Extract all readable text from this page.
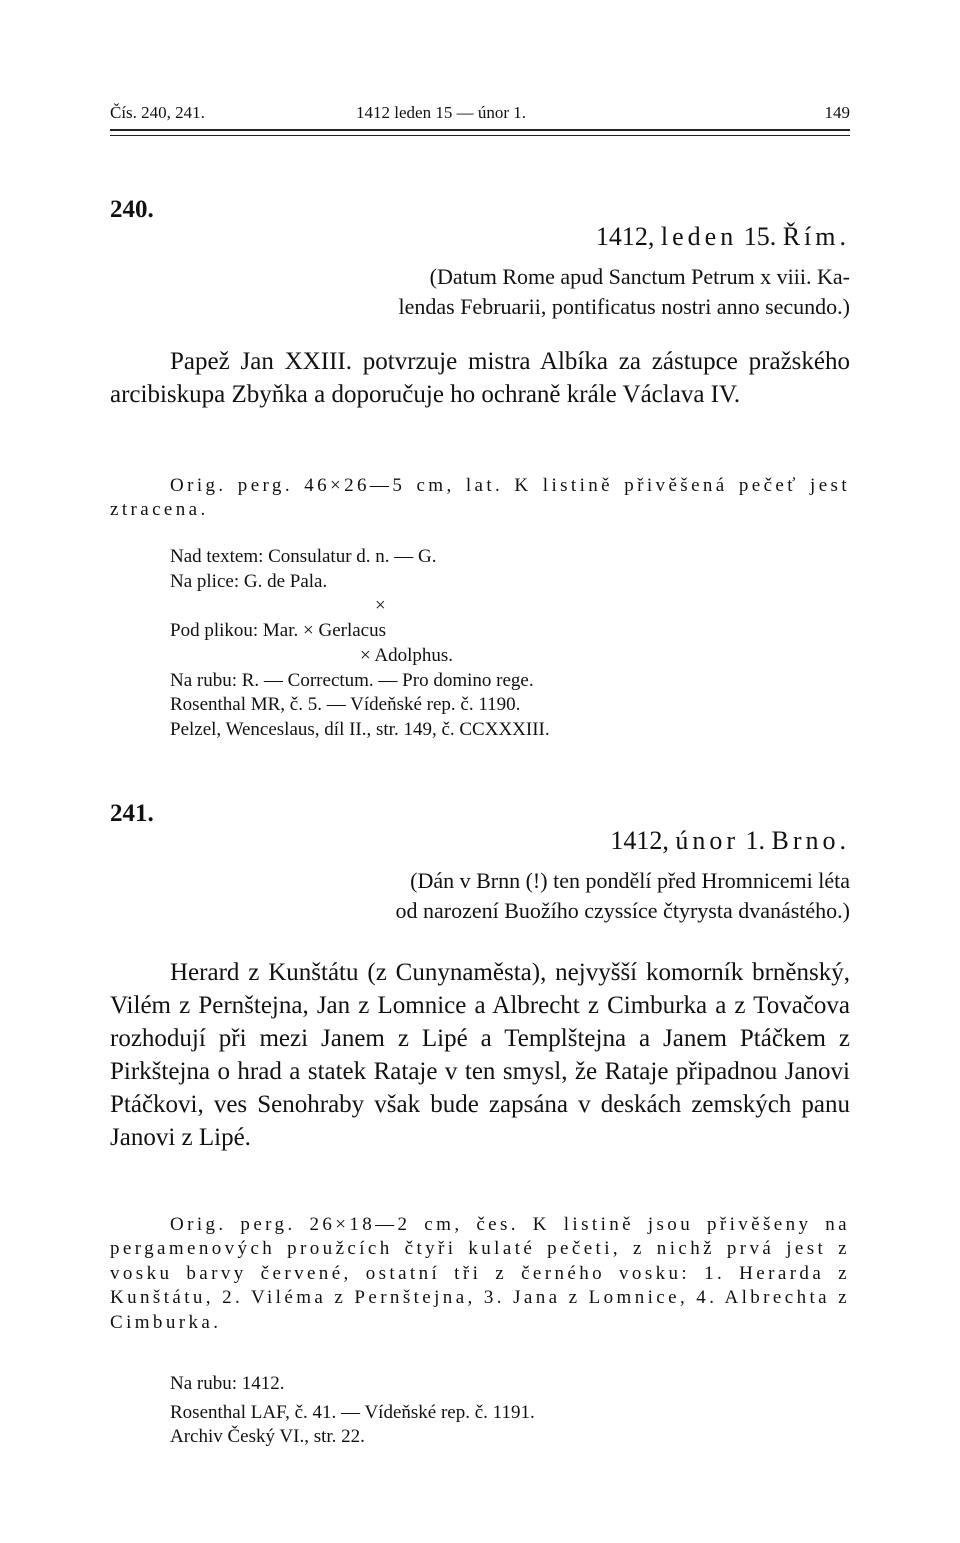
Čís. 240, 241.	1412 leden 15 — únor 1.	149
240.
1412, leden 15. Řím.
(Datum Rome apud Sanctum Petrum x viii. Ka-
lendas Februarii, pontificatus nostri anno secundo.)
Papež Jan XXIII. potvrzuje mistra Albíka za zástupce pražského arcibiskupa Zbyňka a doporučuje ho ochraně krále Václava IV.
Orig. perg. 46×26—5 cm, lat. K listině přivěšená pečeť jest ztracena.
Nad textem: Consulatur d. n. — G.
Na plice: G. de Pala.
×
Pod plikou: Mar. × Gerlacus
× Adolphus.
Na rubu: R. — Correctum. — Pro domino rege.
Rosenthal MR, č. 5. — Vídeňské rep. č. 1190.
Pelzel, Wenceslaus, díl II., str. 149, č. CCXXXIII.
241.
1412, únor 1. Brno.
(Dán v Brnn (!) ten pondělí před Hromnicemi léta
od narození Buožího czyssíce čtyrysta dvanástého.)
Herard z Kunštátu (z Cunynaměsta), nejvyšší komorník brněnský, Vilém z Pernštejna, Jan z Lomnice a Albrecht z Cimburka a z Tovačova rozhodují při mezi Janem z Lipé a Templštejna a Janem Ptáčkem z Pirkštejna o hrad a statek Rataje v ten smysl, že Rataje připadnou Janovi Ptáčkovi, ves Senohraby však bude zapsána v deskách zemských panu Janovi z Lipé.
Orig. perg. 26×18—2 cm, čes. K listině jsou přivěšeny na pergamenových proužcích čtyři kulaté pečeti, z nichž prvá jest z vosku barvy červené, ostatní tři z černého vosku: 1. Herarda z Kunštátu, 2. Viléma z Pernštejna, 3. Jana z Lomnice, 4. Albrechta z Cimburka.
Na rubu: 1412.
Rosenthal LAF, č. 41. — Vídeňské rep. č. 1191.
Archiv Český VI., str. 22.
